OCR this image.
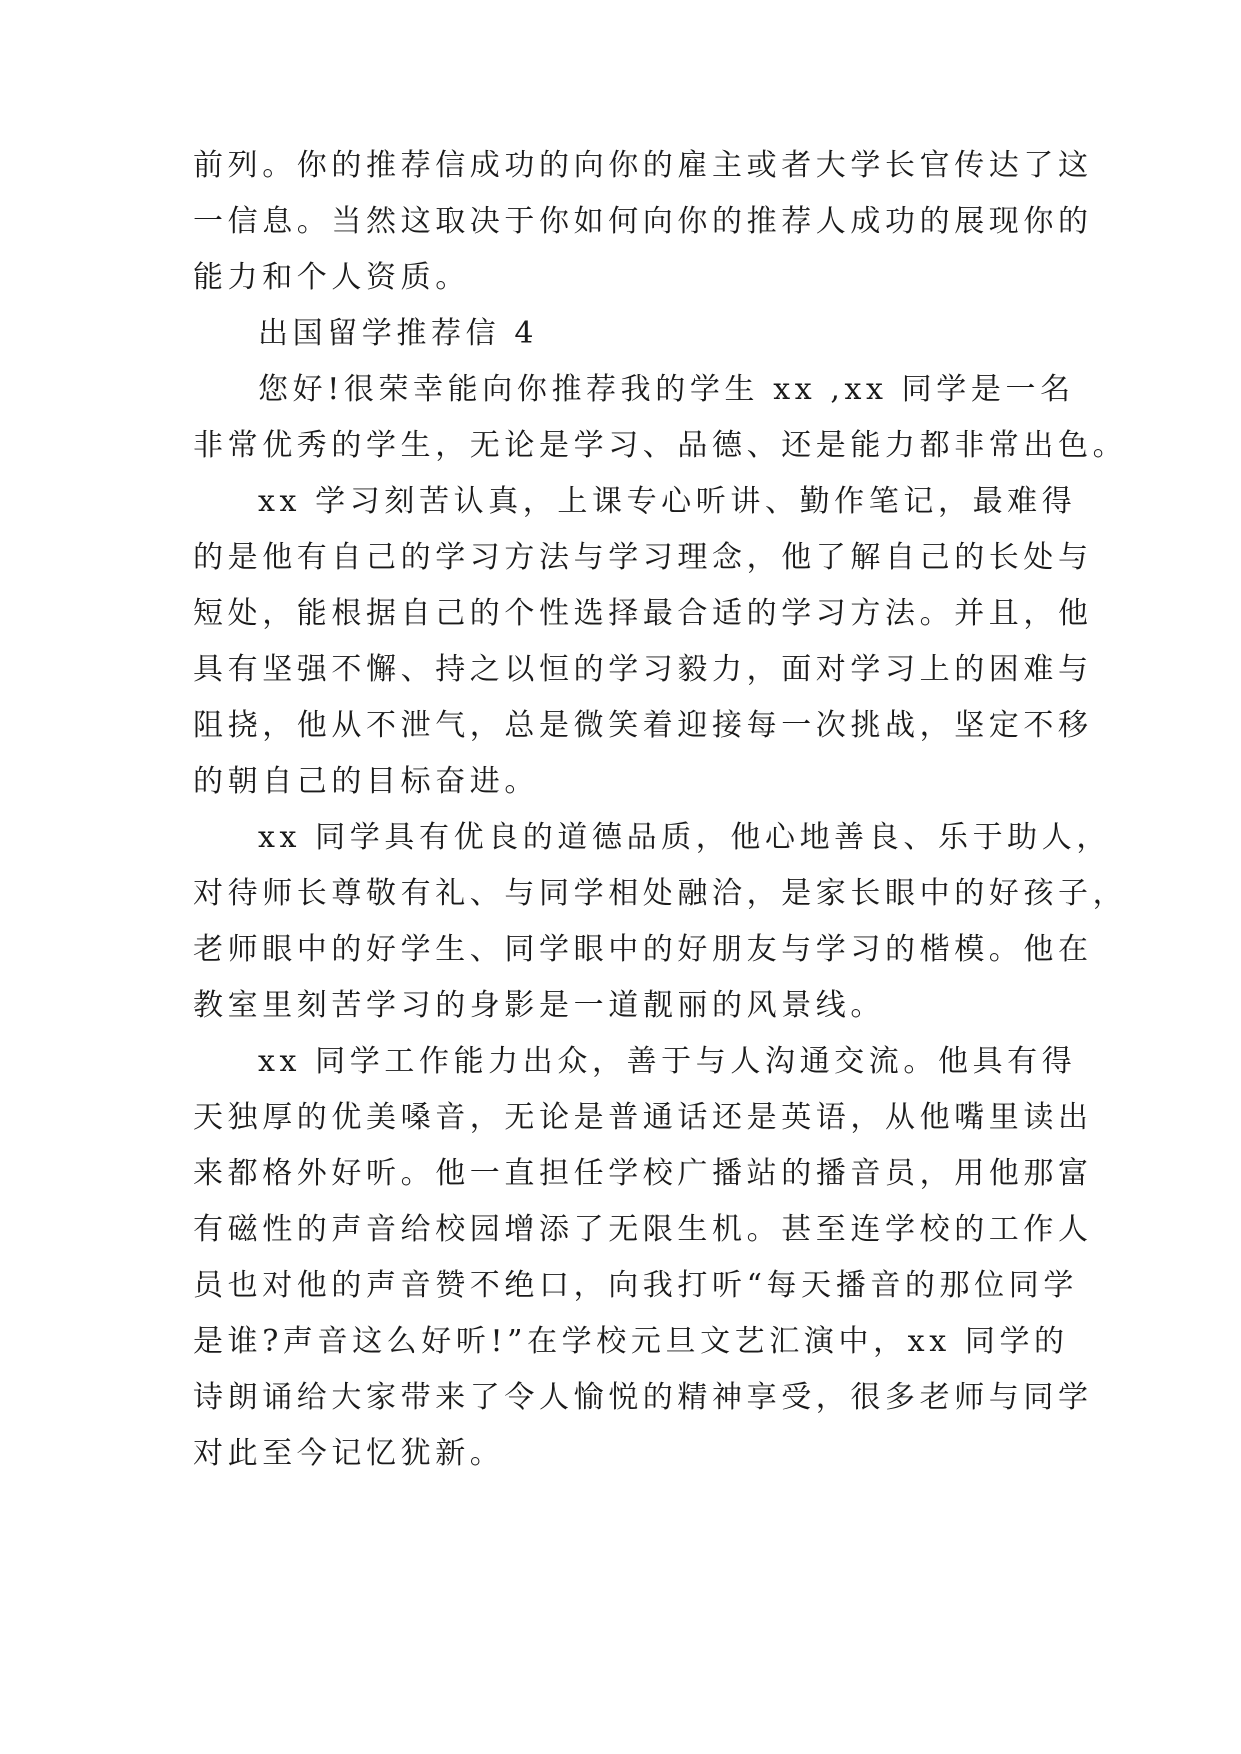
前列。你的推荐信成功的向你的雇主或者大学长官传达了这
一信息。当然这取决于你如何向你的推荐人成功的展现你的
能力和个人资质。
出国留学推荐信 4
您好!很荣幸能向你推荐我的学生 xx ,xx 同学是一名
非常优秀的学生，无论是学习、品德、还是能力都非常出色。
xx 学习刻苦认真，上课专心听讲、勤作笔记，最难得
的是他有自己的学习方法与学习理念，他了解自己的长处与
短处，能根据自己的个性选择最合适的学习方法。并且，他
具有坚强不懈、持之以恒的学习毅力，面对学习上的困难与
阻挠，他从不泄气，总是微笑着迎接每一次挑战，坚定不移
的朝自己的目标奋进。
xx 同学具有优良的道德品质，他心地善良、乐于助人，
对待师长尊敬有礼、与同学相处融洽，是家长眼中的好孩子，
老师眼中的好学生、同学眼中的好朋友与学习的楷模。他在
教室里刻苦学习的身影是一道靓丽的风景线。
xx 同学工作能力出众，善于与人沟通交流。他具有得
天独厚的优美嗓音，无论是普通话还是英语，从他嘴里读出
来都格外好听。他一直担任学校广播站的播音员，用他那富
有磁性的声音给校园增添了无限生机。甚至连学校的工作人
员也对他的声音赞不绝口，向我打听“每天播音的那位同学
是谁?声音这么好听!”在学校元旦文艺汇演中，xx 同学的
诗朗诵给大家带来了令人愉悦的精神享受，很多老师与同学
对此至今记忆犹新。
